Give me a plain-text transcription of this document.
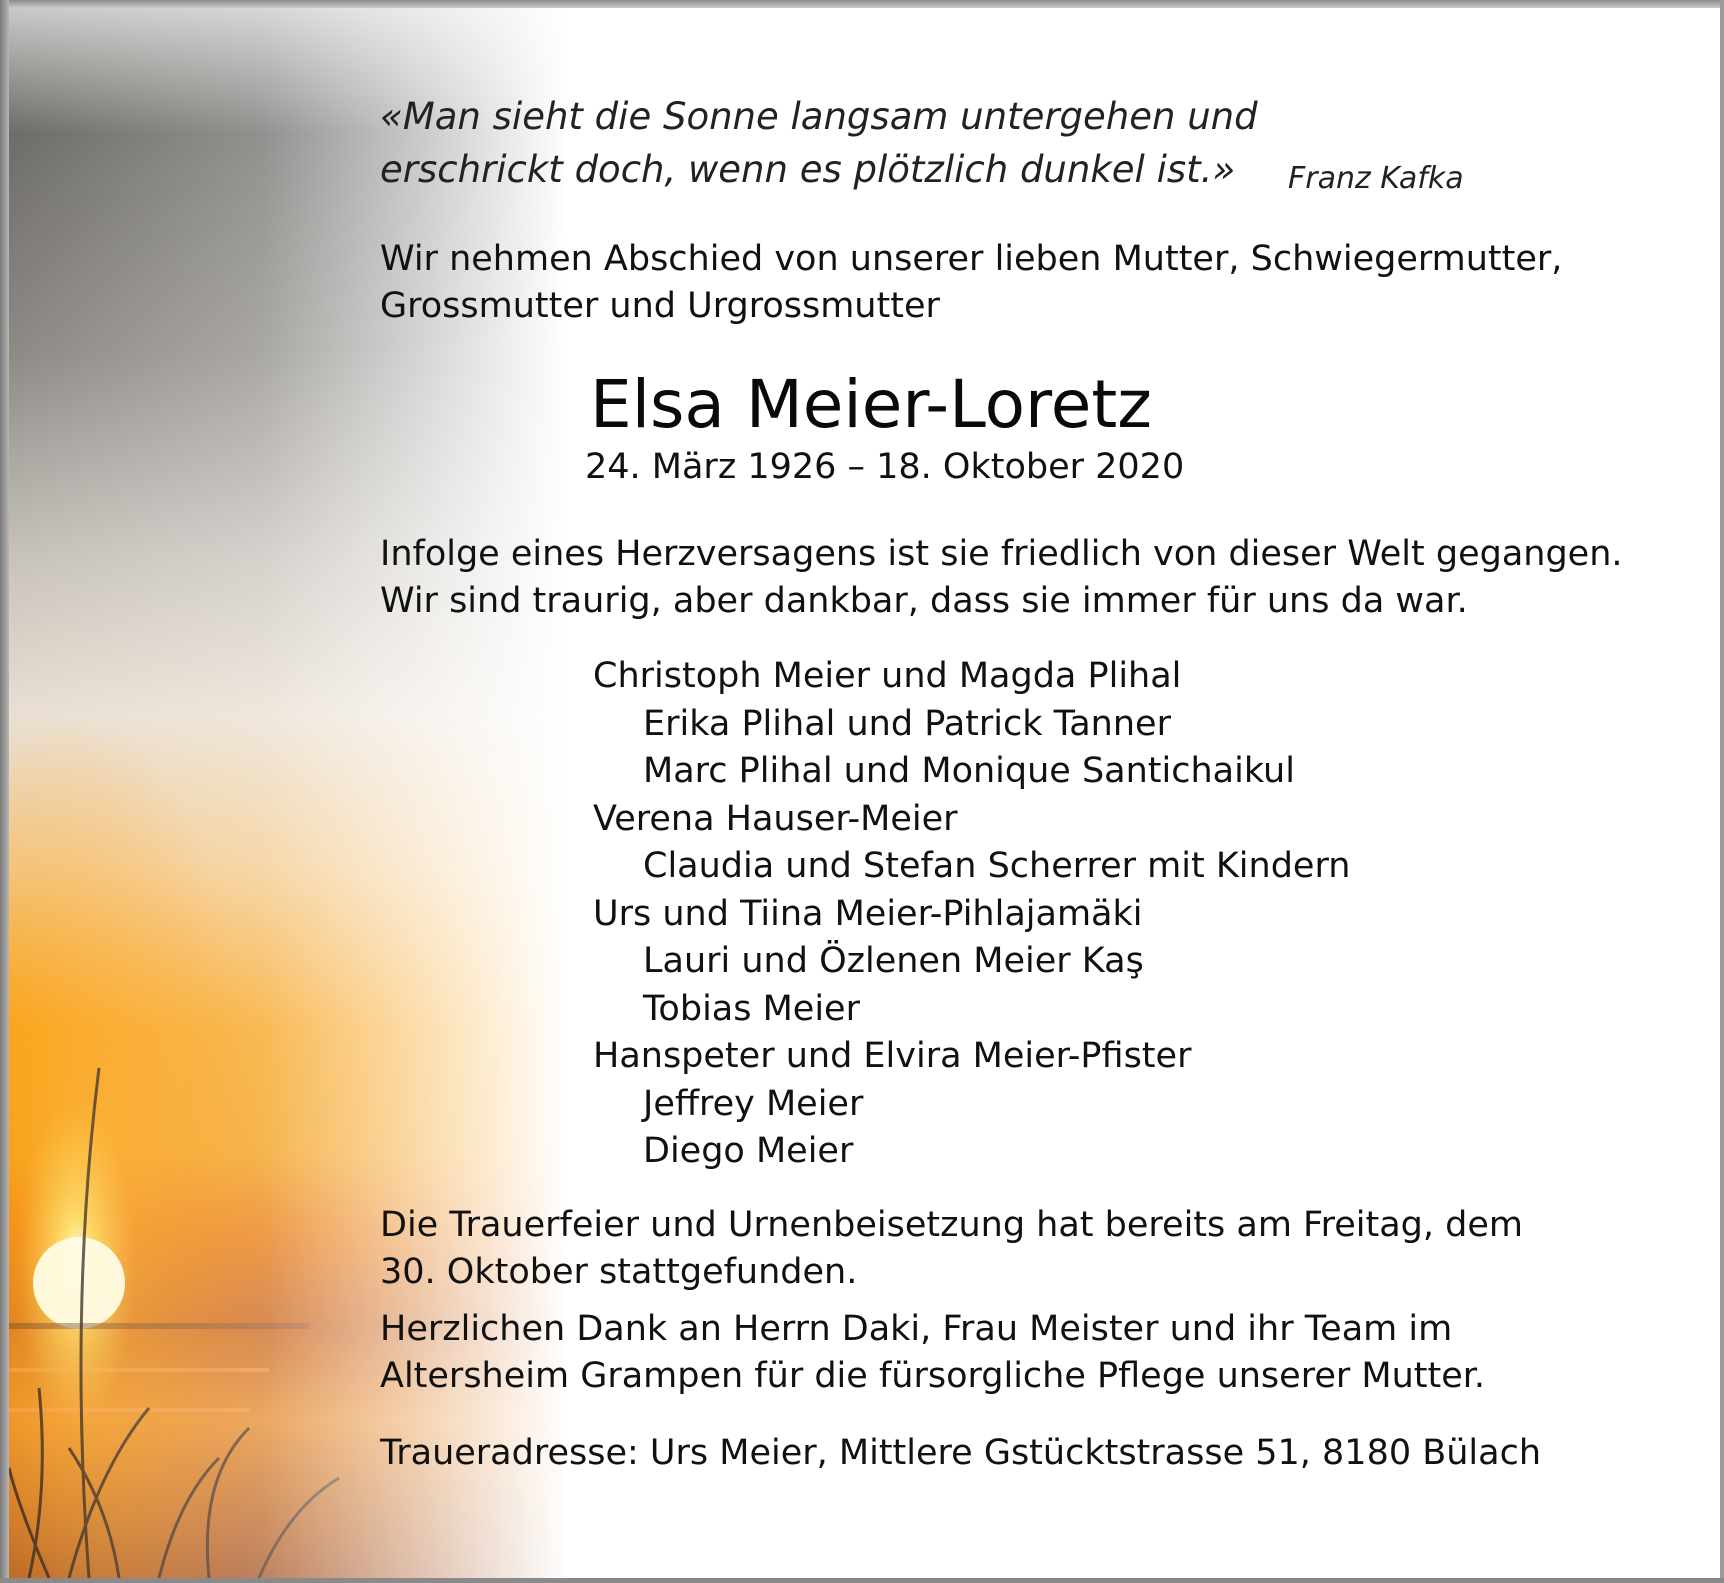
«Man sieht die Sonne langsam untergehen und
erschrickt doch, wenn es plötzlich dunkel ist.»	Franz Kafka
Wir nehmen Abschied von unserer lieben Mutter, Schwiegermutter,
Grossmutter und Urgrossmutter
Elsa Meier-Loretz
24. März 1926 – 18. Oktober 2020
Infolge eines Herzversagens ist sie friedlich von dieser Welt gegangen.
Wir sind traurig, aber dankbar, dass sie immer für uns da war.
Christoph Meier und Magda Plihal
Erika Plihal und Patrick Tanner
Marc Plihal und Monique Santichaikul
Verena Hauser-Meier
Claudia und Stefan Scherrer mit Kindern
Urs und Tiina Meier-Pihlajamäki
Lauri und Özlenen Meier Kaş
Tobias Meier
Hanspeter und Elvira Meier-Pfister
Jeffrey Meier
Diego Meier
Die Trauerfeier und Urnenbeisetzung hat bereits am Freitag, dem
30. Oktober stattgefunden.
Herzlichen Dank an Herrn Daki, Frau Meister und ihr Team im
Altersheim Grampen für die fürsorgliche Pflege unserer Mutter.
Traueradresse: Urs Meier, Mittlere Gstücktstrasse 51, 8180 Bülach
